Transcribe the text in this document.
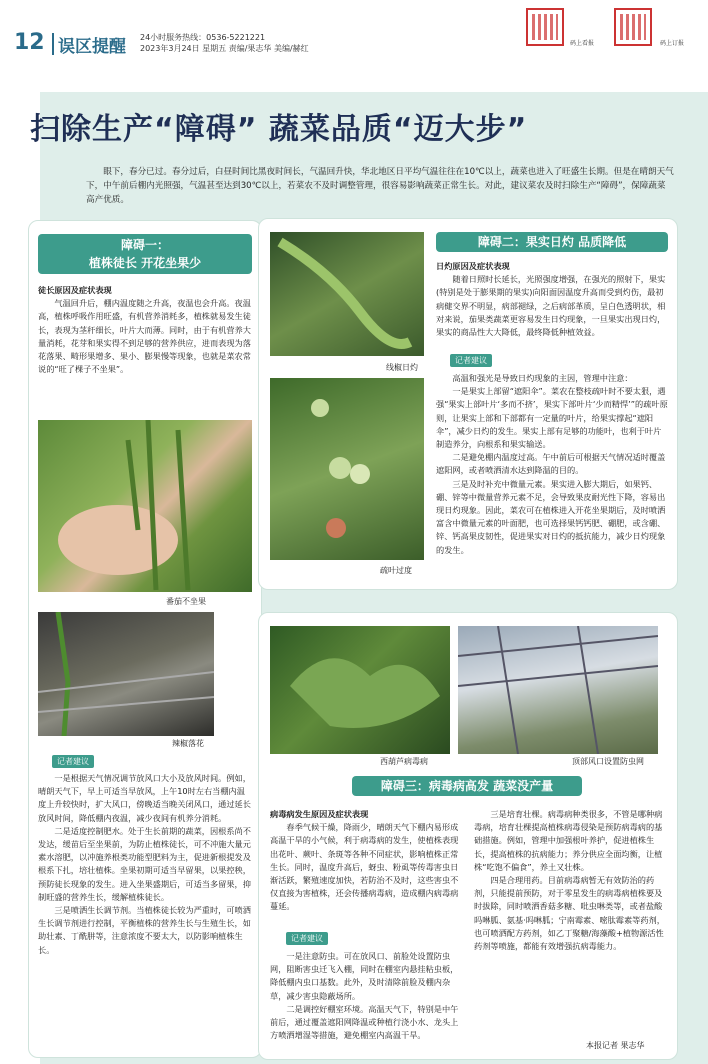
12 误区提醒 24小时服务热线：0536-5221221
2023年3月24日 星期五 责编/果志华 美编/赫红
码上看报	码上订报
扫除生产“障碍” 蔬菜品质“迈大步”
眼下，春分已过。春分过后，白昼时间比黑夜时间长，气温回升快，华北地区日平均气温往往在10℃以上，蔬菜也进入了旺盛生长期。但是在晴朗天气下，中午前后棚内光照强，气温甚至达到30℃以上，若菜农不及时调整管理，很容易影响蔬菜正常生长。对此，建议菜农及时扫除生产“障碍”，保障蔬菜高产优质。
障碍一：
植株徒长 开花坐果少

徒长原因及症状表现

气温回升后，棚内温度随之升高，夜温也会升高。夜温高，植株呼吸作用旺盛，有机营养消耗多，植株就易发生徒长，表现为茎秆细长，叶片大而薄。同时，由于有机营养大量消耗，花芽和果实得不到足够的营养供应，进而表现为落花落果、畸形果增多、果小、膨果慢等现象，也就是菜农常说的“旺了棵子不坐果”。

番茄不坐果
辣椒落花
记者建议

一是根据天气情况调节放风口大小及放风时间。例如，晴朗天气下，早上可适当早放风，上午10时左右当棚内温度上升较快时，扩大风口，傍晚适当晚关闭风口，通过延长放风时间，降低棚内夜温，减少夜间有机养分消耗。

二是适度控制肥水。处于生长前期的蔬菜，因根系尚不发达，缓苗后至坐果前，为防止植株徒长，可不冲施大量元素水溶肥，以冲施养根类功能型肥料为主，促进新根提发及根系下扎，培壮植株。坐果初期可适当早留果，以果控秧，预防徒长现象的发生。进入坐果盛期后，可适当多留果，抑制旺盛的营养生长，缓解植株徒长。

三是喷洒生长调节剂。当植株徒长较为严重时，可喷洒生长调节剂进行控制，平衡植株的营养生长与生殖生长，如助壮素、丁酰肼等，注意浓度不要太大，以防影响植株生长。

线椒日灼
疏叶过度
障碍二：果实日灼 品质降低

日灼原因及症状表现

随着日照时长延长，光照强度增强，在强光的照射下，果实(特别是处于膨果期的果实)向阳面因温度升高而受到灼伤，最初病健交界不明显，病部褪绿，之后病部革质，呈白色透明状，相对来说，茄果类蔬菜更容易发生日灼现象，一旦果实出现日灼，果实的商品性大大降低，最终降低种植效益。

记者建议

高温和强光是导致日灼现象的主因，管理中注意：

一是果实上部留“遮阳伞”。菜农在整枝疏叶时不要太狠，遇强“果实上部叶片‘多而不挤’，果实下部叶片‘少而精悍’”的疏叶原则，让果实上部和下部都有一定量的叶片，给果实撑起“遮阳伞”，减少日灼的发生。果实上部有足够的功能叶，也利于叶片制造养分，向根系和果实输送。

二是避免棚内温度过高。午中前后可根据天气情况适时覆盖遮阳网，或者喷洒清水达到降温的目的。

三是及时补充中微量元素。果实进入膨大期后，如果钙、硼、锌等中微量营养元素不足，会导致果皮耐光性下降，容易出现日灼现象。因此，菜农可在植株进入开花坐果期后，及时喷洒富含中微量元素的叶面肥，也可选择果钙钙肥、硼肥，或含硼、锌、钙高果皮韧性，促进果实对日灼的抵抗能力，减少日灼现象的发生。

西葫芦病毒病	顶部风口设置防虫网
障碍三：病毒病高发 蔬菜没产量

病毒病发生原因及症状表现

春季气候干燥，降雨少，晴朗天气下棚内易形成高温干旱的小气候，利于病毒病的发生，使植株表现出花叶、蕨叶、条斑等各种不同症状，影响植株正常生长。同时，温度升高后，蚜虫、粉虱等传毒害虫日渐活跃，繁殖速度加快，若防治不及时，这些害虫不仅直接为害植株，还会传播病毒病，造成棚内病毒病蔓延。

记者建议

一是注意防虫。可在放风口、前脸处设置防虫网，阻断害虫迁飞入棚，同时在棚室内悬挂粘虫板，降低棚内虫口基数。此外，及时清除前脸及棚内杂草，减少害虫隐蔽场所。

二是调控好棚室环境。高温天气下，特别是中午前后，通过覆盖遮阳网降温或种植行浇小水、龙头上方喷洒增湿等措施，避免棚室内高温干旱。

三是培育壮棵。病毒病种类很多，不管是哪种病毒病，培育壮棵提高植株病毒侵染是预防病毒病的基础措施。例如，管理中加强根叶养护，促进植株生长，提高植株的抗病能力；养分供应全面均衡，让植株“吃饱不偏食”，养土又壮株。

四是合理用药。目前病毒病暂无有效防治的药剂，只能提前预防，对于零星发生的病毒病植株要及时拔除，同时喷洒香菇多糖、吡虫啉类等，或者盐酸吗啉胍、氨基·吗啉胍；宁南霉素、嘧肽霉素等药剂，也可喷洒配方药剂，如乙丁聚糖/海藻酸+植物源活性药剂等喷施，都能有效增强抗病毒能力。

本报记者 果志华
